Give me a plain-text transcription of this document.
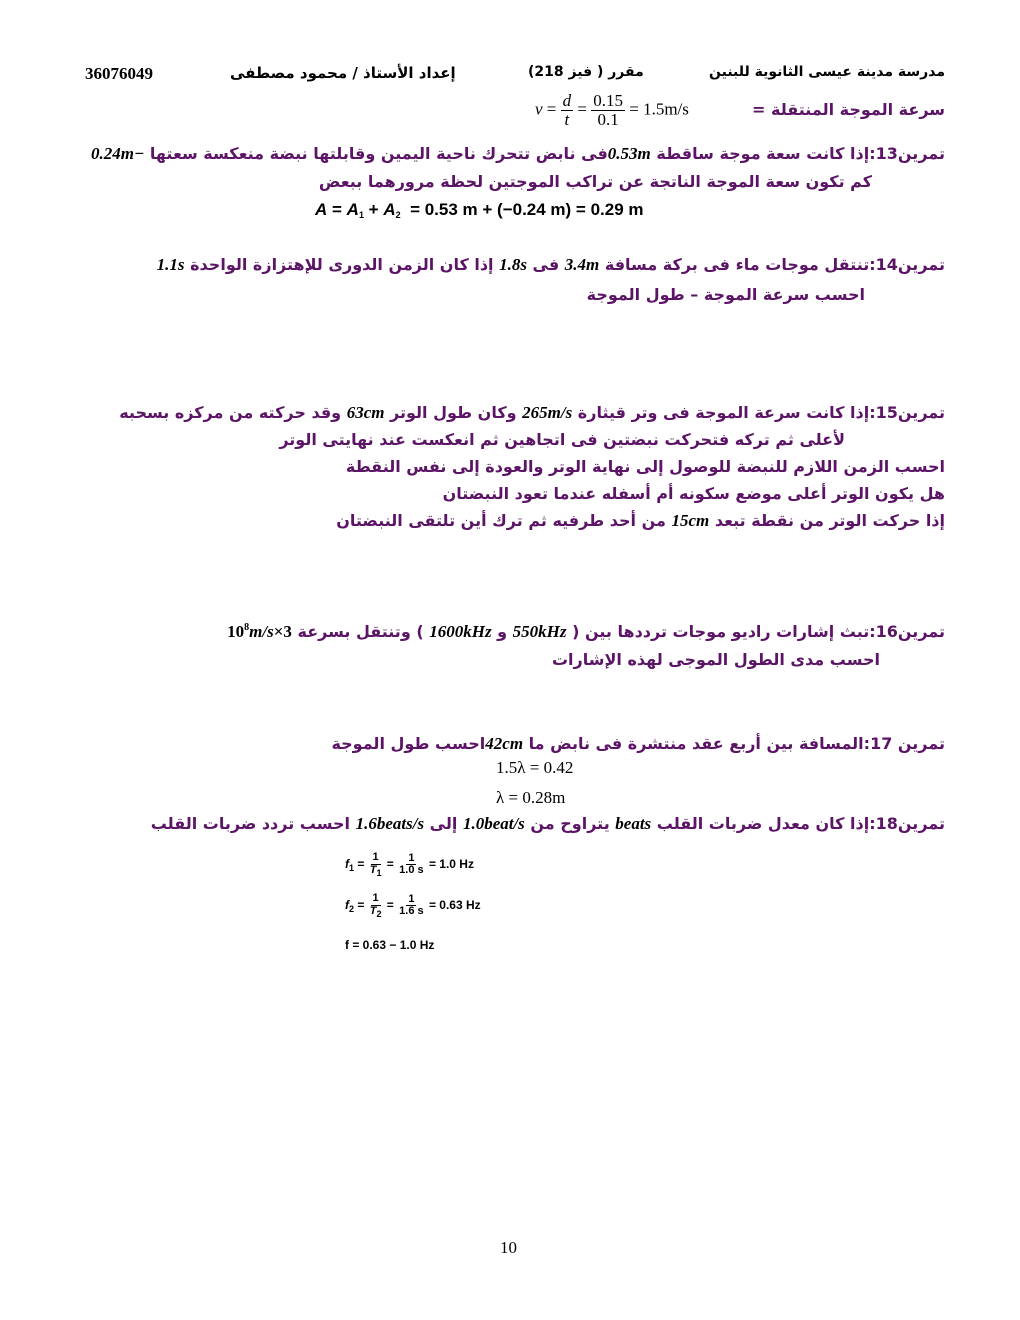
مدرسة مدينة عيسى الثانوية للبنين
مقرر ( فيز 218)
إعداد الأستاذ / محمود مصطفى
36076049
سرعة الموجة المنتقلة =
$v = \frac{d}{t} = \frac{0.15}{0.1} = 1.5m/s$
تمرين13:إذا كانت سعة موجة ساقطة 0.53mفى نابض تتحرك ناحية اليمين وقابلتها نبضة منعكسة سعتها −0.24m
كم تكون سعة الموجة الناتجة عن تراكب الموجتين لحظة مرورهما ببعض
$A = A_1 + A_2 = 0.53$ m + (−0.24 m) = 0.29 m
تمرين14:تنتقل موجات ماء فى بركة مسافة 3.4m فى 1.8s إذا كان الزمن الدورى للإهتزازة الواحدة 1.1s
احسب سرعة الموجة – طول الموجة
تمرين15:إذا كانت سرعة الموجة فى وتر قيثارة 265m/s وكان طول الوتر 63cm وقد حركته من مركزه بسحبه
لأعلى ثم تركه فتحركت نبضتين فى اتجاهين ثم انعكست عند نهايتى الوتر
احسب الزمن اللازم للنبضة للوصول إلى نهاية الوتر والعودة إلى نفس النقطة
هل يكون الوتر أعلى موضع سكونه أم أسفله عندما تعود النبضتان
إذا حركت الوتر من نقطة تبعد 15cm من أحد طرفيه ثم ترك أين تلتقى النبضتان
تمرين16:تبث إشارات راديو موجات ترددها بين ( 550kHz و 1600kHz ) وتنتقل بسرعة $3\times 10^8m/s$
احسب مدى الطول الموجى لهذه الإشارات
تمرين 17:المسافة بين أربع عقد منتشرة فى نابض ما 42cmاحسب طول الموجة
1.5λ = 0.42
λ = 0.28m
تمرين18:إذا كان معدل ضربات القلب beats يتراوح من 1.0beat/s إلى 1.6beats/s احسب تردد ضربات القلب
$f_1 = \frac{1}{T_1} = \frac{1}{1.0 s} = 1.0$ Hz
$f_2 = \frac{1}{T_2} = \frac{1}{1.6 s} = 0.63$ Hz
f = 0.63 − 1.0 Hz
10
